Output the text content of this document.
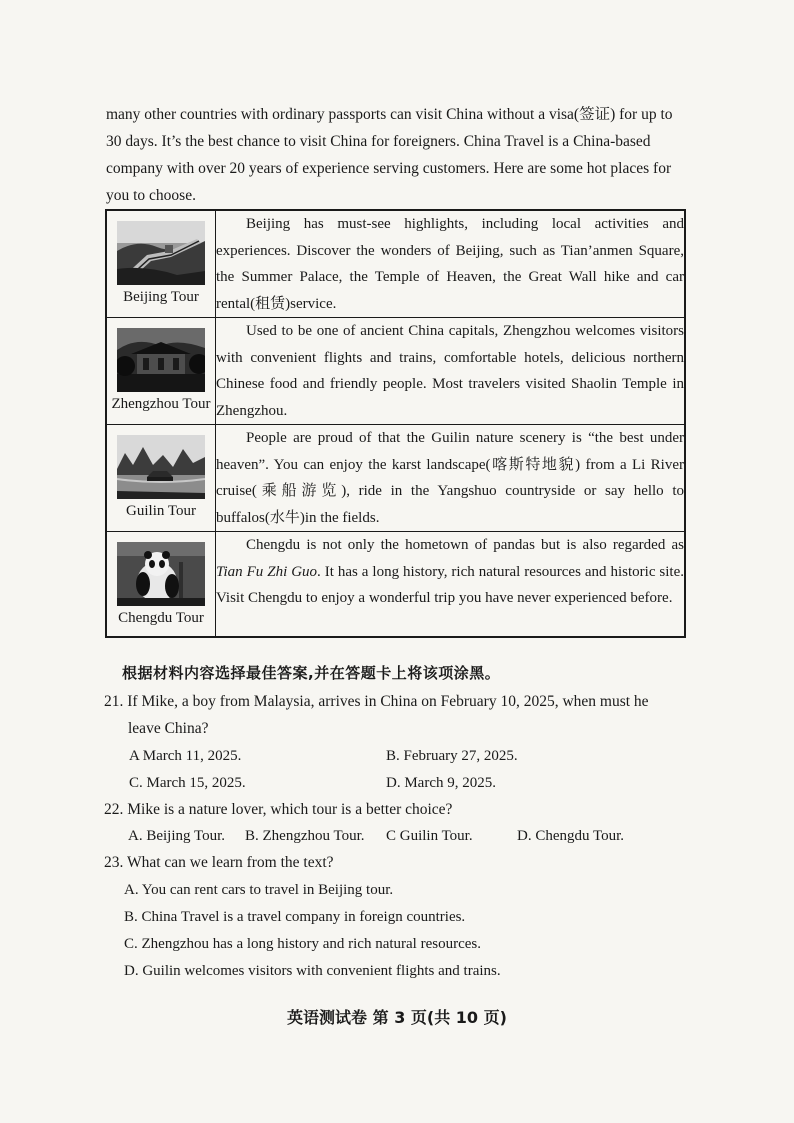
many other countries with ordinary passports can visit China without a visa(签证) for up to

30 days. It’s the best chance to visit China for foreigners. China Travel is a China-based

company with over 20 years of experience serving customers. Here are some hot places for

you to choose.

Beijing Tour	Beijing has must-see highlights, including local activities and experiences. Discover the wonders of Beijing, such as Tian’anmen Square, the Summer Palace, the Temple of Heaven, the Great Wall hike and car rental(租赁)service.

Zhengzhou Tour	Used to be one of ancient China capitals, Zhengzhou welcomes visitors with convenient flights and trains, comfortable hotels, delicious northern Chinese food and friendly people. Most travelers visited Shaolin Temple in Zhengzhou.

Guilin Tour	People are proud of that the Guilin nature scenery is “the best under heaven”. You can enjoy the karst landscape(喀斯特地貌) from a Li River cruise(乘船游览), ride in the Yangshuo countryside or say hello to buffalos(水牛)in the fields.

Chengdu Tour	Chengdu is not only the hometown of pandas but is also regarded as Tian Fu Zhi Guo. It has a long history, rich natural resources and historic site. Visit Chengdu to enjoy a wonderful trip you have never experienced before.
根据材料内容选择最佳答案,并在答题卡上将该项涂黑。
21. If Mike, a boy from Malaysia, arrives in China on February 10, 2025, when must he
leave China?
A March 11, 2025.	B. February 27, 2025.
C. March 15, 2025.	D. March 9, 2025.
22. Mike is a nature lover, which tour is a better choice?
A. Beijing Tour. B. Zhengzhou Tour. C Guilin Tour.	D. Chengdu Tour.
23. What can we learn from the text?
A. You can rent cars to travel in Beijing tour.
B. China Travel is a travel company in foreign countries.
C. Zhengzhou has a long history and rich natural resources.
D. Guilin welcomes visitors with convenient flights and trains.
英语测试卷 第 3 页(共 10 页)
